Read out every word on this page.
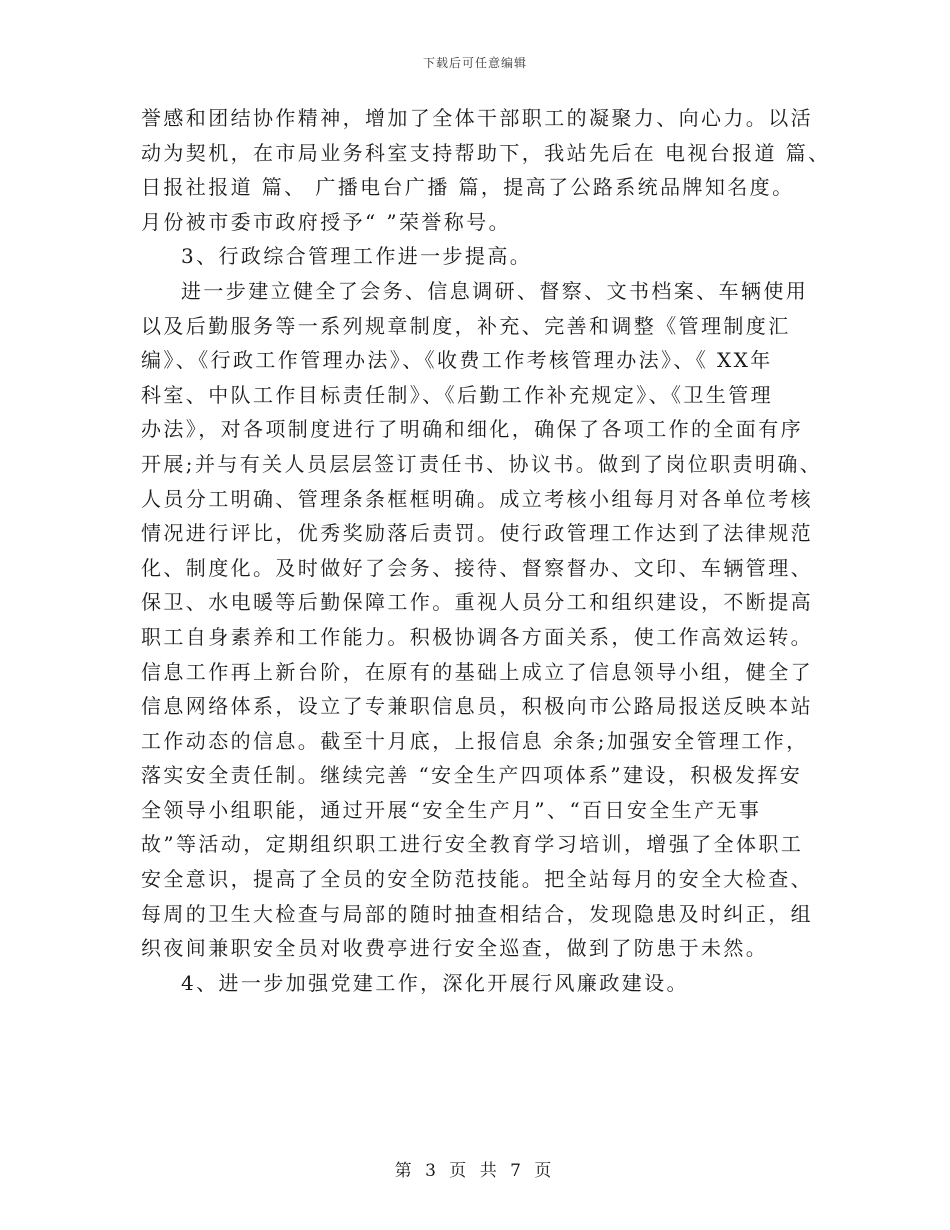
下载后可任意编辑
誉感和团结协作精神，增加了全体干部职工的凝聚力、向心力。以活
动为契机，在市局业务科室支持帮助下，我站先后在 电视台报道 篇、
日报社报道 篇、 广播电台广播 篇，提高了公路系统品牌知名度。
月份被市委市政府授予“ ”荣誉称号。
3、行政综合管理工作进一步提高。
进一步建立健全了会务、信息调研、督察、文书档案、车辆使用
以及后勤服务等一系列规章制度，补充、完善和调整《管理制度汇
编》、《行政工作管理办法》、《收费工作考核管理办法》、《 XX年
科室、中队工作目标责任制》、《后勤工作补充规定》、《卫生管理
办法》，对各项制度进行了明确和细化，确保了各项工作的全面有序
开展;并与有关人员层层签订责任书、协议书。做到了岗位职责明确、
人员分工明确、管理条条框框明确。成立考核小组每月对各单位考核
情况进行评比，优秀奖励落后责罚。使行政管理工作达到了法律规范
化、制度化。及时做好了会务、接待、督察督办、文印、车辆管理、
保卫、水电暖等后勤保障工作。重视人员分工和组织建设，不断提高
职工自身素养和工作能力。积极协调各方面关系，使工作高效运转。
信息工作再上新台阶，在原有的基础上成立了信息领导小组，健全了
信息网络体系，设立了专兼职信息员，积极向市公路局报送反映本站
工作动态的信息。截至十月底，上报信息 余条;加强安全管理工作，
落实安全责任制。继续完善 “安全生产四项体系”建设，积极发挥安
全领导小组职能，通过开展“安全生产月”、“百日安全生产无事
故”等活动，定期组织职工进行安全教育学习培训，增强了全体职工
安全意识，提高了全员的安全防范技能。把全站每月的安全大检查、
每周的卫生大检查与局部的随时抽查相结合，发现隐患及时纠正，组
织夜间兼职安全员对收费亭进行安全巡查，做到了防患于未然。
4、进一步加强党建工作，深化开展行风廉政建设。
第 3 页 共 7 页
